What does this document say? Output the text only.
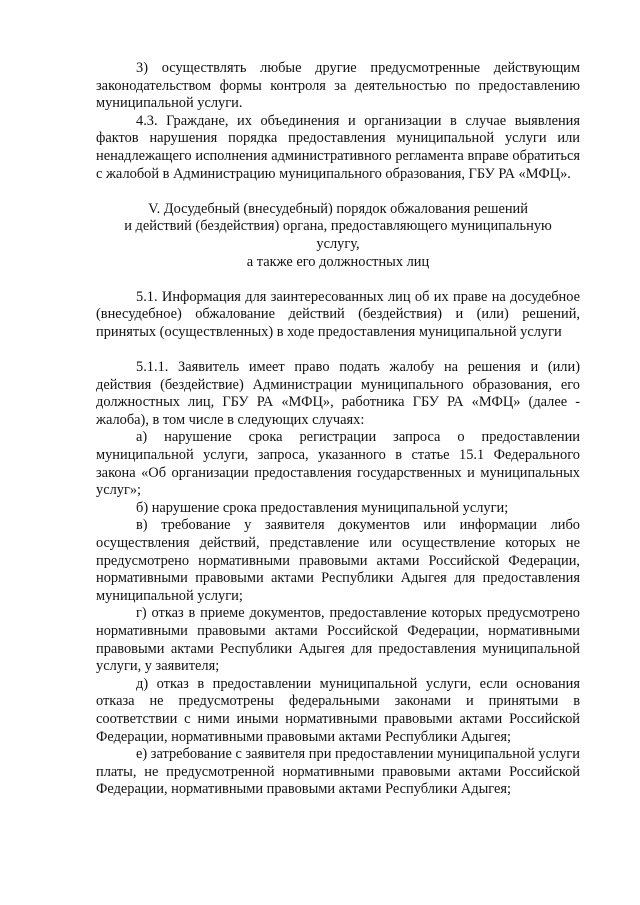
3) осуществлять любые другие предусмотренные действующим законодательством формы контроля за деятельностью по предоставлению муниципальной услуги.

4.3. Граждане, их объединения и организации в случае выявления фактов нарушения порядка предоставления муниципальной услуги или ненадлежащего исполнения административного регламента вправе обратиться с жалобой в Администрацию муниципального образования, ГБУ РА «МФЦ».

V. Досудебный (внесудебный) порядок обжалования решений

и действий (бездействия) органа, предоставляющего муниципальную

услугу,

а также его должностных лиц

5.1. Информация для заинтересованных лиц об их праве на досудебное (внесудебное) обжалование действий (бездействия) и (или) решений, принятых (осуществленных) в ходе предоставления муниципальной услуги

5.1.1. Заявитель имеет право подать жалобу на решения и (или) действия (бездействие) Администрации муниципального образования, его должностных лиц, ГБУ РА «МФЦ», работника ГБУ РА «МФЦ» (далее - жалоба), в том числе в следующих случаях:

а) нарушение срока регистрации запроса о предоставлении муниципальной услуги, запроса, указанного в статье 15.1 Федерального закона «Об организации предоставления государственных и муниципальных услуг»;

б) нарушение срока предоставления муниципальной услуги;

в) требование у заявителя документов или информации либо осуществления действий, представление или осуществление которых не предусмотрено нормативными правовыми актами Российской Федерации, нормативными правовыми актами Республики Адыгея для предоставления муниципальной услуги;

г) отказ в приеме документов, предоставление которых предусмотрено нормативными правовыми актами Российской Федерации, нормативными правовыми актами Республики Адыгея для предоставления муниципальной услуги, у заявителя;

д) отказ в предоставлении муниципальной услуги, если основания отказа не предусмотрены федеральными законами и принятыми в соответствии с ними иными нормативными правовыми актами Российской Федерации, нормативными правовыми актами Республики Адыгея;

е) затребование с заявителя при предоставлении муниципальной услуги платы, не предусмотренной нормативными правовыми актами Российской Федерации, нормативными правовыми актами Республики Адыгея;
